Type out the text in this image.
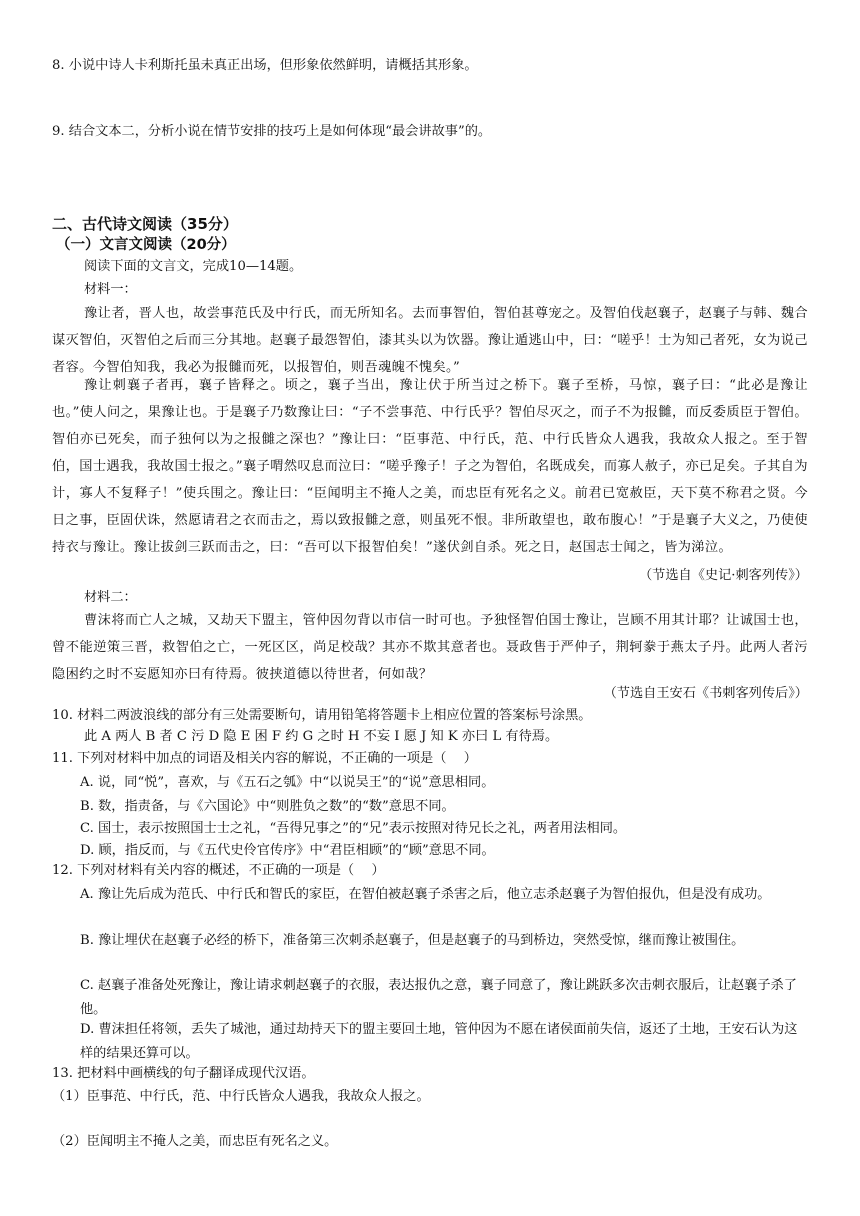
8. 小说中诗人卡利斯托虽未真正出场，但形象依然鲜明，请概括其形象。
9. 结合文本二，分析小说在情节安排的技巧上是如何体现“最会讲故事”的。
二、古代诗文阅读（35分）
（一）文言文阅读（20分）
阅读下面的文言文，完成10—14题。
材料一：
豫让者，晋人也，故尝事范氏及中行氏，而无所知名。去而事智伯，智伯甚尊宠之。及智伯伐赵襄子，赵襄子与韩、魏合谋灭智伯，灭智伯之后而三分其地。赵襄子最怨智伯，漆其头以为饮器。豫让遁逃山中，曰：“嗟乎！士为知己者死，女为说己者容。今智伯知我，我必为报雠而死，以报智伯，则吾魂魄不愧矣。”
豫让刺襄子者再，襄子皆释之。顷之，襄子当出，豫让伏于所当过之桥下。襄子至桥，马惊，襄子曰：“此必是豫让也。”使人问之，果豫让也。于是襄子乃数豫让曰：“子不尝事范、中行氏乎？智伯尽灭之，而子不为报雠，而反委质臣于智伯。智伯亦已死矣，而子独何以为之报雠之深也？”豫让曰：“臣事范、中行氏，范、中行氏皆众人遇我，我故众人报之。至于智伯，国士遇我，我故国士报之。”襄子喟然叹息而泣曰：“嗟乎豫子！子之为智伯，名既成矣，而寡人赦子，亦已足矣。子其自为计，寡人不复释子！”使兵围之。豫让曰：“臣闻明主不掩人之美，而忠臣有死名之义。前君已宽赦臣，天下莫不称君之贤。今日之事，臣固伏诛，然愿请君之衣而击之，焉以致报雠之意，则虽死不恨。非所敢望也，敢布腹心！”于是襄子大义之，乃使使持衣与豫让。豫让拔剑三跃而击之，曰：“吾可以下报智伯矣！”遂伏剑自杀。死之日，赵国志士闻之，皆为涕泣。
（节选自《史记·刺客列传》）
材料二：
曹沫将而亡人之城，又劫天下盟主，管仲因勿背以市信一时可也。予独怪智伯国士豫让，岂顾不用其计耶？让诚国士也，曾不能逆策三晋，救智伯之亡，一死区区，尚足校哉？其亦不欺其意者也。聂政售于严仲子，荆轲豢于燕太子丹。此两人者污隐困约之时不妄愿知亦曰有待焉。彼挟道德以待世者，何如哉？
（节选自王安石《书刺客列传后》）
10. 材料二两波浪线的部分有三处需要断句，请用铅笔将答题卡上相应位置的答案标号涂黑。
此 A 两人 B 者 C 污 D 隐 E 困 F 约 G 之时 H 不妄 I 愿 J 知 K 亦曰 L 有待焉。
11. 下列对材料中加点的词语及相关内容的解说，不正确的一项是（　 ）
A. 说，同“悦”，喜欢，与《五石之瓠》中“以说吴王”的“说”意思相同。
B. 数，指责备，与《六国论》中“则胜负之数”的“数”意思不同。
C. 国士，表示按照国士士之礼，“吾得兄事之”的“兄”表示按照对待兄长之礼，两者用法相同。
D. 顾，指反而，与《五代史伶官传序》中“君臣相顾”的“顾”意思不同。
12. 下列对材料有关内容的概述，不正确的一项是（　 ）
A. 豫让先后成为范氏、中行氏和智氏的家臣，在智伯被赵襄子杀害之后，他立志杀赵襄子为智伯报仇，但是没有成功。
B. 豫让埋伏在赵襄子必经的桥下，准备第三次刺杀赵襄子，但是赵襄子的马到桥边，突然受惊，继而豫让被围住。
C. 赵襄子准备处死豫让，豫让请求刺赵襄子的衣服，表达报仇之意，襄子同意了，豫让跳跃多次击刺衣服后，让赵襄子杀了他。
D. 曹沫担任将领，丢失了城池，通过劫持天下的盟主要回土地，管仲因为不愿在诸侯面前失信，返还了土地，王安石认为这样的结果还算可以。
13. 把材料中画横线的句子翻译成现代汉语。
（1）臣事范、中行氏，范、中行氏皆众人遇我，我故众人报之。
（2）臣闻明主不掩人之美，而忠臣有死名之义。
